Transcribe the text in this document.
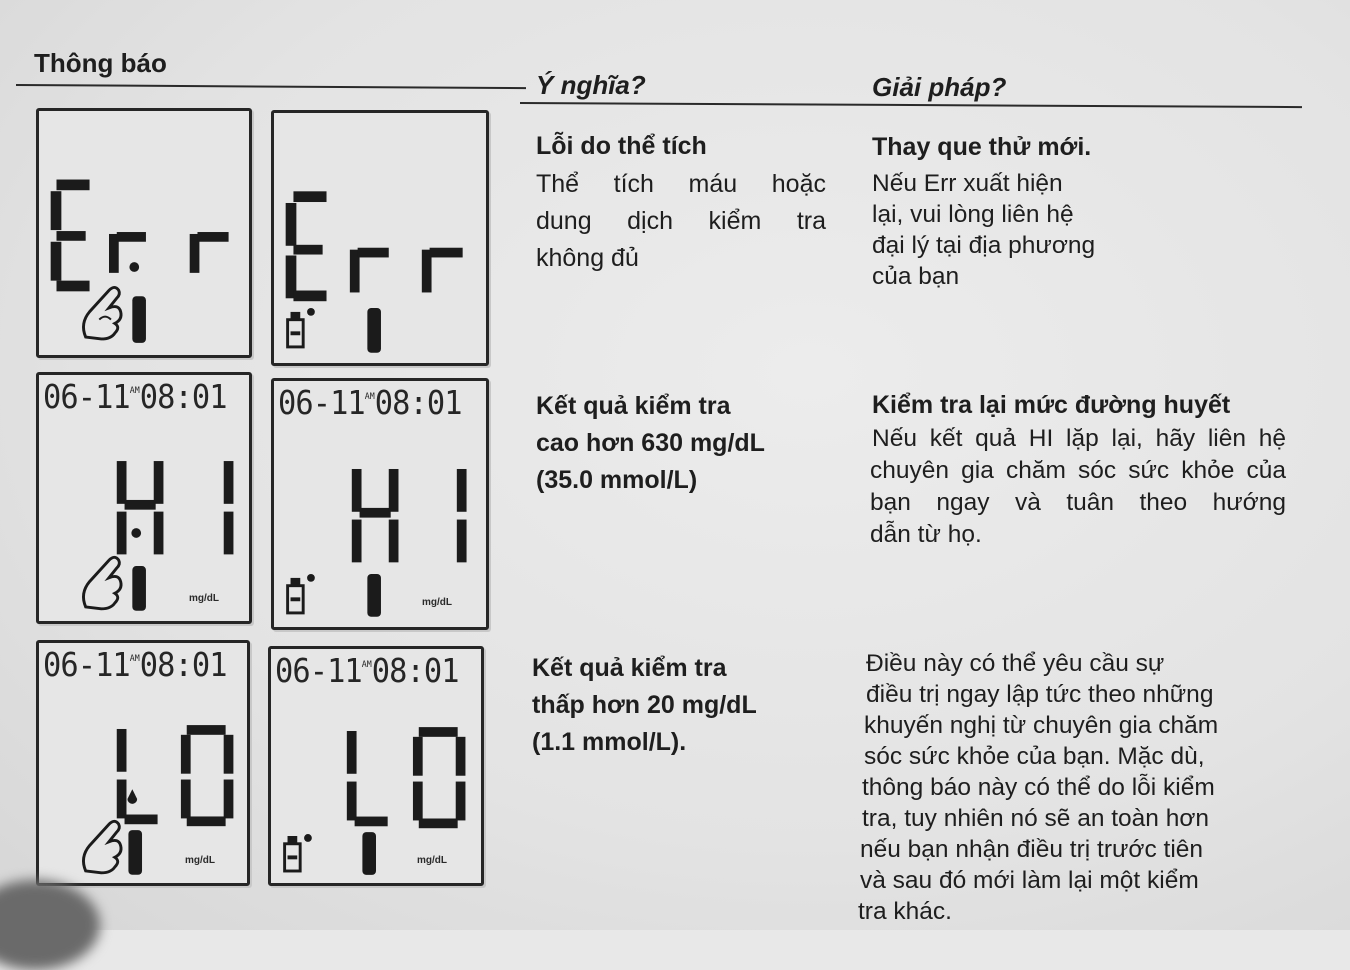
Thông báo
Ý nghĩa?	Giải pháp?
Lỗi do thể tích
Thể tích máu hoặc
dung dịch kiểm tra
không đủ
Thay que thử mới.
Nếu Err xuất hiện
lại, vui lòng liên hệ
đại lý tại địa phương
của bạn
$06-11^{AM}08:01$
mg/dL
$06-11^{AM}08:01$
mg/dL
Kết quả kiểm tra
cao hơn 630 mg/dL
(35.0 mmol/L)
Kiểm tra lại mức đường huyết
Nếu kết quả HI lặp lại, hãy liên hệ
chuyên gia chăm sóc sức khỏe của
bạn ngay và tuân theo hướng
dẫn từ họ.
$06-11^{AM}08:01$
mg/dL
$06-11^{AM}08:01$
mg/dL
Kết quả kiểm tra
thấp hơn 20 mg/dL
(1.1 mmol/L).
Điều này có thể yêu cầu sự
điều trị ngay lập tức theo những
khuyến nghị từ chuyên gia chăm
sóc sức khỏe của bạn. Mặc dù,
thông báo này có thể do lỗi kiểm
tra, tuy nhiên nó sẽ an toàn hơn
nếu bạn nhận điều trị trước tiên
và sau đó mới làm lại một kiểm
tra khác.
